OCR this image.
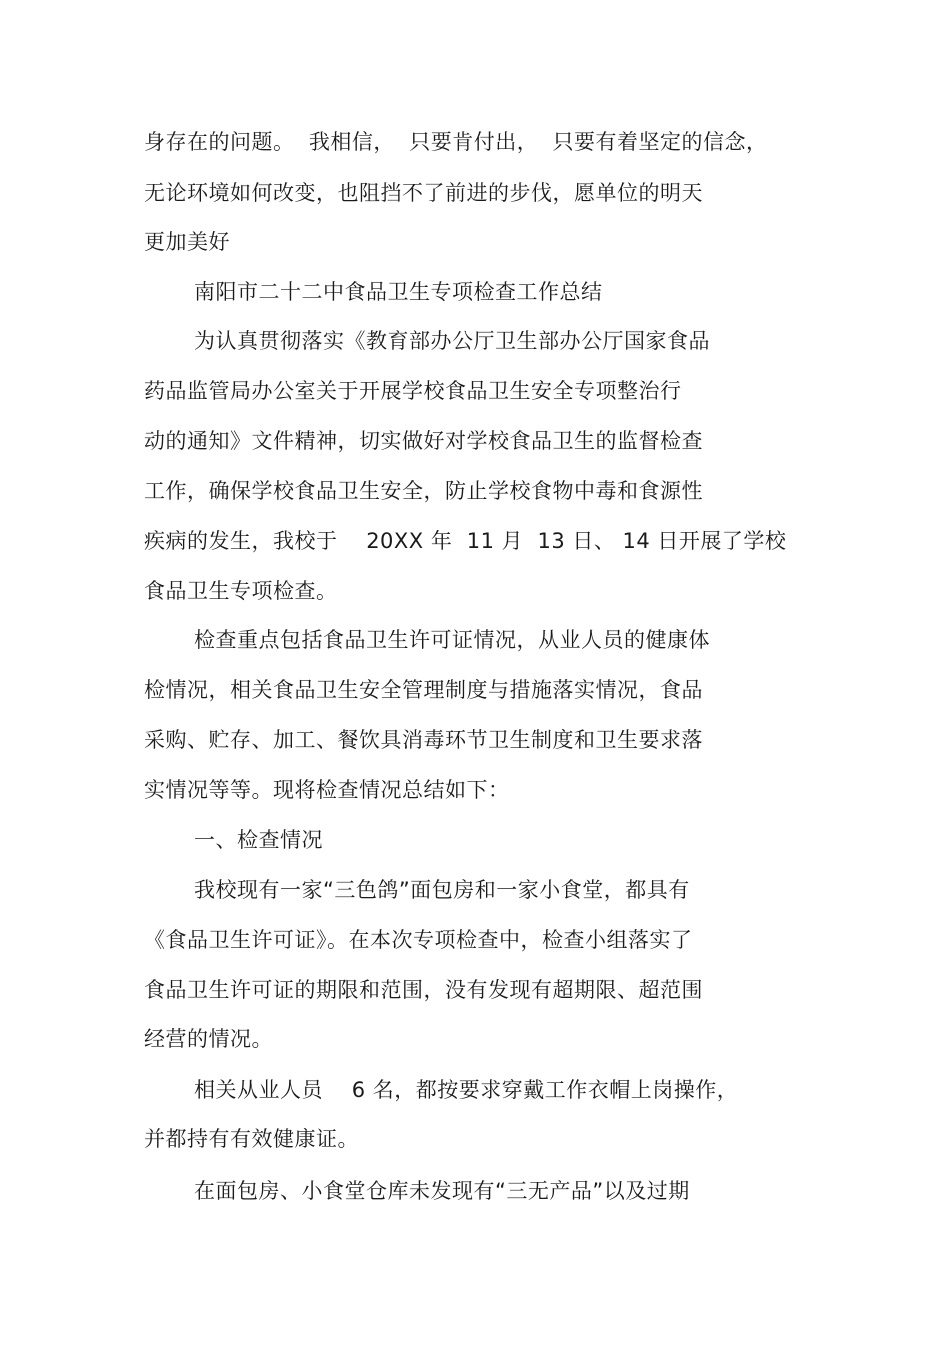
身存在的问题。  我相信，  只要肯付出，  只要有着坚定的信念，
无论环境如何改变，也阻挡不了前进的步伐，愿单位的明天
更加美好
南阳市二十二中食品卫生专项检查工作总结
为认真贯彻落实《教育部办公厅卫生部办公厅国家食品
药品监管局办公室关于开展学校食品卫生安全专项整治行
动的通知》文件精神，切实做好对学校食品卫生的监督检查
工作，确保学校食品卫生安全，防止学校食物中毒和食源性
疾病的发生，我校于    20XX 年  11 月  13 日、 14 日开展了学校
食品卫生专项检查。
检查重点包括食品卫生许可证情况，从业人员的健康体
检情况，相关食品卫生安全管理制度与措施落实情况，食品
采购、贮存、加工、餐饮具消毒环节卫生制度和卫生要求落
实情况等等。现将检查情况总结如下：
一、检查情况
我校现有一家“三色鸽”面包房和一家小食堂，都具有
《食品卫生许可证》。在本次专项检查中，检查小组落实了
食品卫生许可证的期限和范围，没有发现有超期限、超范围
经营的情况。
相关从业人员    6 名，都按要求穿戴工作衣帽上岗操作，
并都持有有效健康证。
在面包房、小食堂仓库未发现有“三无产品”以及过期
